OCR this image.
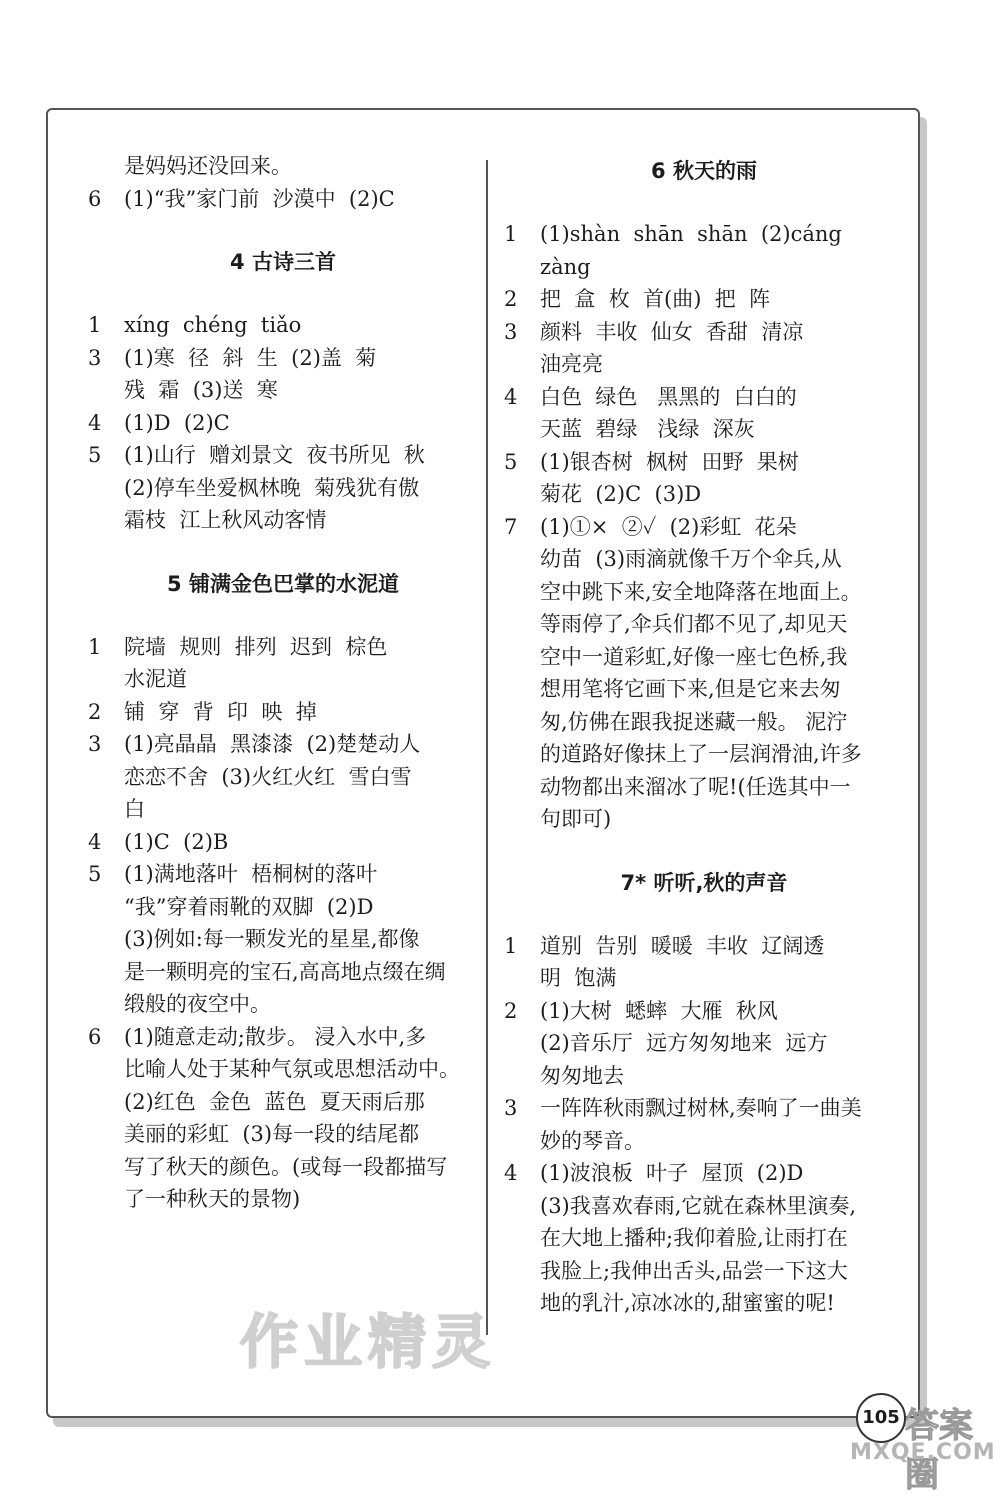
是妈妈还没回来。
6 (1)“我”家门前  沙漠中  (2)C
4 古诗三首
1 xíng  chéng  tiǎo
3 (1)寒  径  斜  生  (2)盖  菊
残  霜  (3)送  寒
4 (1)D  (2)C
5 (1)山行  赠刘景文  夜书所见  秋
(2)停车坐爱枫林晚  菊残犹有傲
霜枝  江上秋风动客情
5 铺满金色巴掌的水泥道
1 院墙  规则  排列  迟到  棕色
水泥道
2 铺  穿  背  印  映  掉
3 (1)亮晶晶  黑漆漆  (2)楚楚动人
恋恋不舍  (3)火红火红  雪白雪
白
4 (1)C  (2)B
5 (1)满地落叶  梧桐树的落叶
“我”穿着雨靴的双脚  (2)D
(3)例如:每一颗发光的星星,都像
是一颗明亮的宝石,高高地点缀在绸
缎般的夜空中。
6 (1)随意走动;散步。 浸入水中,多
比喻人处于某种气氛或思想活动中。
(2)红色  金色  蓝色  夏天雨后那
美丽的彩虹  (3)每一段的结尾都
写了秋天的颜色。(或每一段都描写
了一种秋天的景物)
6 秋天的雨
1 (1)shàn  shān  shān  (2)cáng
zàng
2 把  盒  枚  首(曲)  把  阵
3 颜料  丰收  仙女  香甜  清凉
油亮亮
4 白色  绿色   黑黑的  白白的
天蓝  碧绿   浅绿  深灰
5 (1)银杏树  枫树  田野  果树
菊花  (2)C  (3)D
7 (1)①×  ②✓  (2)彩虹  花朵
幼苗  (3)雨滴就像千万个伞兵,从
空中跳下来,安全地降落在地面上。
等雨停了,伞兵们都不见了,却见天
空中一道彩虹,好像一座七色桥,我
想用笔将它画下来,但是它来去匆
匆,仿佛在跟我捉迷藏一般。 泥泞
的道路好像抹上了一层润滑油,许多
动物都出来溜冰了呢!(任选其中一
句即可)
7* 听听,秋的声音
1 道别  告别  暖暖  丰收  辽阔透
明  饱满
2 (1)大树  蟋蟀  大雁  秋风
(2)音乐厅  远方匆匆地来  远方
匆匆地去
3 一阵阵秋雨飘过树林,奏响了一曲美
妙的琴音。
4 (1)波浪板  叶子  屋顶  (2)D
(3)我喜欢春雨,它就在森林里演奏,
在大地上播种;我仰着脸,让雨打在
我脸上;我伸出舌头,品尝一下这大
地的乳汁,凉冰冰的,甜蜜蜜的呢!
作业精灵
答案圈
105
MXQE.COM
